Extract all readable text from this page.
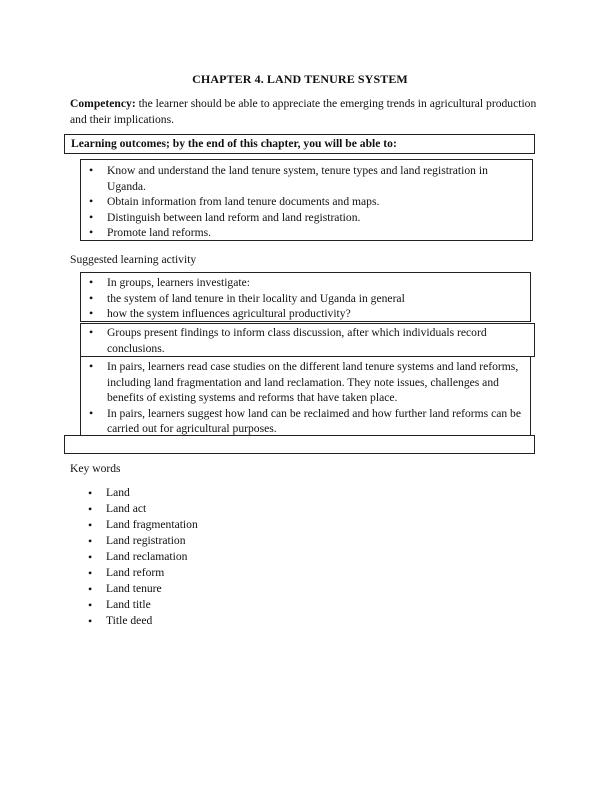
CHAPTER 4. LAND TENURE SYSTEM
Competency: the learner should be able to appreciate the emerging trends in agricultural production and their implications.
Learning outcomes; by the end of this chapter, you will be able to:
• Know and understand the land tenure system, tenure types and land registration in Uganda.
• Obtain information from land tenure documents and maps.
• Distinguish between land reform and land registration.
• Promote land reforms.
Suggested learning activity
• In groups, learners investigate:
• the system of land tenure in their locality and Uganda in general
• how the system influences agricultural productivity?
• Groups present findings to inform class discussion, after which individuals record conclusions.
• In pairs, learners read case studies on the different land tenure systems and land reforms, including land fragmentation and land reclamation. They note issues, challenges and benefits of existing systems and reforms that have taken place.
• In pairs, learners suggest how land can be reclaimed and how further land reforms can be carried out for agricultural purposes.
Key words
• Land
• Land act
• Land fragmentation
• Land registration
• Land reclamation
• Land reform
• Land tenure
• Land title
• Title deed
